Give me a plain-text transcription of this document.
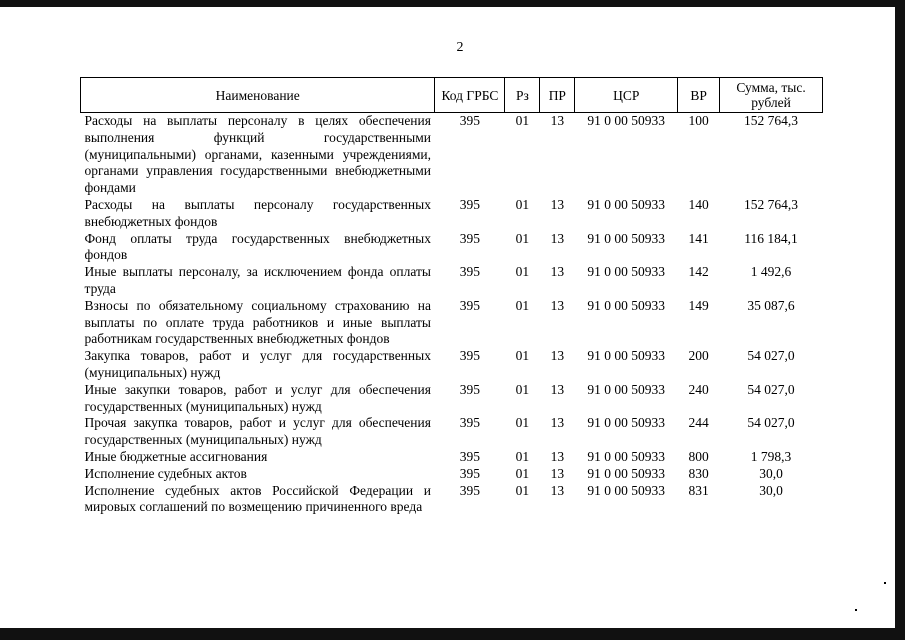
2
Наименование	Код ГРБС	Рз	ПР	ЦСР	ВР	Сумма, тыс. рублей
Расходы на выплаты персоналу в целях обеспечения выполнения функций государственными (муниципальными) органами, казенными учреждениями, органами управления государственными внебюджетными фондами	395	01	13	91 0 00 50933	100	152 764,3
Расходы на выплаты персоналу государственных внебюджетных фондов	395	01	13	91 0 00 50933	140	152 764,3
Фонд оплаты труда государственных внебюджетных фондов	395	01	13	91 0 00 50933	141	116 184,1
Иные выплаты персоналу, за исключением фонда оплаты труда	395	01	13	91 0 00 50933	142	1 492,6
Взносы по обязательному социальному страхованию на выплаты по оплате труда работников и иные выплаты работникам государственных внебюджетных фондов	395	01	13	91 0 00 50933	149	35 087,6
Закупка товаров, работ и услуг для государственных (муниципальных) нужд	395	01	13	91 0 00 50933	200	54 027,0
Иные закупки товаров, работ и услуг для обеспечения государственных (муниципальных) нужд	395	01	13	91 0 00 50933	240	54 027,0
Прочая закупка товаров, работ и услуг для обеспечения государственных (муниципальных) нужд	395	01	13	91 0 00 50933	244	54 027,0
Иные бюджетные ассигнования	395	01	13	91 0 00 50933	800	1 798,3
Исполнение судебных актов	395	01	13	91 0 00 50933	830	30,0
Исполнение судебных актов Российской Федерации и мировых соглашений по возмещению причиненного вреда	395	01	13	91 0 00 50933	831	30,0
